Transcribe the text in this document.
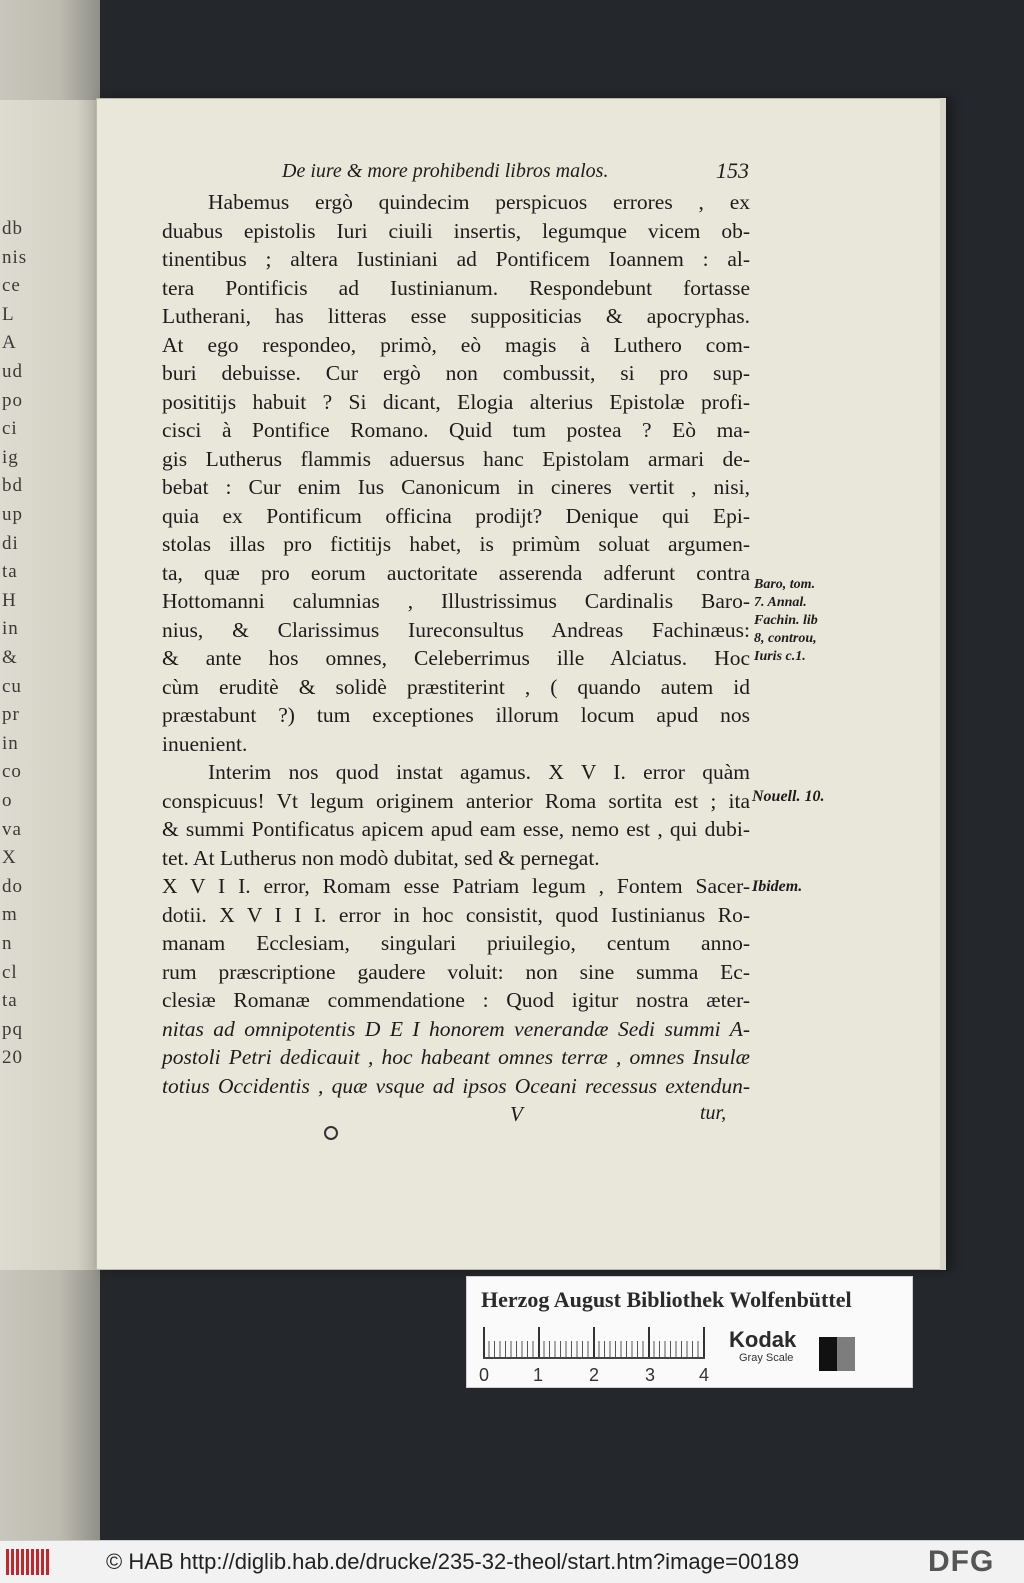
db
nis
ce
L
A
ud
po
ci
ig
bd
up
di
ta
H
in
&
cu
pr
in
co
o
va
X
do
m
n
cl
ta
pq
20
De iure & more prohibendi libros malos.	153
Habemus ergò quindecim perspicuos errores , ex
duabus epistolis Iuri ciuili insertis, legumque vicem ob-
tinentibus ; altera Iustiniani ad Pontificem Ioannem : al-
tera Pontificis ad Iustinianum. Respondebunt fortasse
Lutherani, has litteras esse suppositicias & apocryphas.
At ego respondeo, primò, eò magis à Luthero com-
buri debuisse. Cur ergò non combussit, si pro sup-
posititijs habuit ? Si dicant, Elogia alterius Epistolæ profi-
cisci à Pontifice Romano. Quid tum postea ? Eò ma-
gis Lutherus flammis aduersus hanc Epistolam armari de-
bebat : Cur enim Ius Canonicum in cineres vertit , nisi,
quia ex Pontificum officina prodijt? Denique qui Epi-
stolas illas pro fictitijs habet, is primùm soluat argumen-
ta, quæ pro eorum auctoritate asserenda adferunt contra
Hottomanni calumnias , Illustrissimus Cardinalis Baro-
nius, & Clarissimus Iureconsultus Andreas Fachinæus:
& ante hos omnes, Celeberrimus ille Alciatus. Hoc
cùm eruditè & solidè præstiterint , ( quando autem id
præstabunt ?) tum exceptiones illorum locum apud nos
inuenient.
Interim nos quod instat agamus. X V I. error quàm
conspicuus! Vt legum originem anterior Roma sortita est ; ita
& summi Pontificatus apicem apud eam esse, nemo est , qui dubi-
tet. At Lutherus non modò dubitat, sed & pernegat.
X V I I. error, Romam esse Patriam legum , Fontem Sacer-
dotii. X V I I I. error in hoc consistit, quod Iustinianus Ro-
manam Ecclesiam, singulari priuilegio, centum anno-
rum præscriptione gaudere voluit: non sine summa Ec-
clesiæ Romanæ commendatione : Quod igitur nostra æter-
nitas ad omnipotentis D E I honorem venerandæ Sedi summi A-
postoli Petri dedicauit , hoc habeant omnes terræ , omnes Insulæ
totius Occidentis , quæ vsque ad ipsos Oceani recessus extendun-
Baro, tom.
7. Annal.
Fachin. lib
8, controu,
Iuris c.1.
Nouell. 10.
Ibidem.
V	tur,
Herzog August Bibliothek Wolfenbüttel
0 1	2	3 4
Kodak
Gray Scale
© HAB http://diglib.hab.de/drucke/235-32-theol/start.htm?image=00189	DFG
